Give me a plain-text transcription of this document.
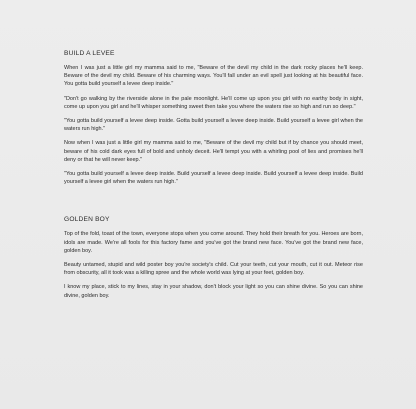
BUILD A LEVEE

When I was just a little girl my mamma said to me, "Beware of the devil my child in the dark rocky places he'll keep. Beware of the devil my child. Beware of his charming ways. You'll fall under an evil spell just looking at his beautiful face. You gotta build yourself a levee deep inside."

"Don't go walking by the riverside alone in the pale moonlight. He'll come up upon you girl with no earthy body in sight, come up upon you girl and he'll whisper something sweet then take you where the waters rise so high and run so deep."

"You gotta build yourself a levee deep inside. Gotta build yourself a levee deep inside. Build yourself a levee girl when the waters run high."

Now when I was just a little girl my mamma said to me, "Beware of the devil my child but if by chance you should meet, beware of his cold dark eyes full of bold and unholy deceit. He'll tempt you with a whirling pool of lies and promises he'll deny or that he will never keep."

"You gotta build yourself a levee deep inside. Build yourself a levee deep inside. Build yourself a levee deep inside. Build yourself a levee girl when the waters run high."

GOLDEN BOY

Top of the fold, toast of the town, everyone stops when you come around. They hold their breath for you. Heroes are born, idols are made. We're all fools for this factory fame and you've got the brand new face. You've got the brand new face, golden boy.

Beauty untamed, stupid and wild poster boy you're society's child. Cut your teeth, cut your mouth, cut it out. Meteor rise from obscurity, all it took was a killing spree and the whole world was lying at your feet, golden boy.

I know my place, stick to my lines, stay in your shadow, don't block your light so you can shine divine. So you can shine divine, golden boy.
